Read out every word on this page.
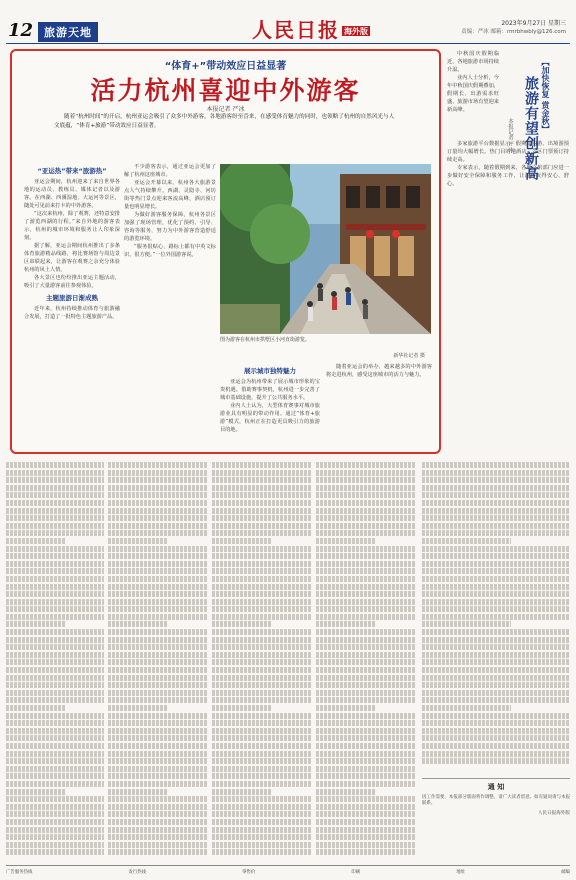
12 旅游天地	人民日报 海外版
2023年9月27日 星期三
责编：严冰 邮箱：rmrbhwbly@126.com
“体育+”带动效应日益显著
活力杭州喜迎中外游客
本报记者 严冰
随着“杭州时间”的开启，杭州亚运会吸引了众多中外游客。各地游客纷至沓来，在感受体育魅力的同时，也领略了杭州的自然风光与人文底蕴，“体育+旅游”带动效应日益显著。
“亚运热”带来“旅游热”

亚运会期间，杭州迎来了来自世界各地的运动员、教练员、媒体记者以及游客。在西湖、西溪湿地、大运河等景区，随处可见前来打卡的中外游客。

“这次来杭州，除了观赛，还特意安排了游览西湖的行程。”来自外地的游客表示，杭州的城市环境和服务让人印象深刻。

据了解，亚运会期间杭州推出了多条体育旅游精品线路，将比赛场馆与周边景区串联起来，让游客在观赛之余充分体验杭州的风土人情。

各大景区也纷纷推出亚运主题活动，吸引了大量游客前往参观体验。

主题旅游日渐成熟

近年来，杭州持续推动体育与旅游融合发展，打造了一批特色主题旅游产品。

不少游客表示，通过亚运会更加了解了杭州这座城市。

亚运会开幕以来，杭州各大旅游景点人气持续攀升。西湖、灵隐寺、河坊街等热门景点迎来客流高峰，酒店预订量也明显增长。

为做好游客服务保障，杭州各景区加强了现场管理，优化了预约、引导、咨询等服务，努力为中外游客营造舒适的游览环境。

“服务很贴心，路标上都有中英文标识，很方便。”一位外国游客说。

图为游客在杭州市拱墅区小河直街游览。
新华社记者 摄
展示城市独特魅力

亚运会为杭州带来了展示城市形象的宝贵机遇。借助赛事契机，杭州进一步完善了城市基础设施，提升了公共服务水平。

业内人士认为，大型体育赛事对城市旅游业具有明显的带动作用。通过“体育+旅游”模式，杭州正在打造更具吸引力的旅游目的地。

随着亚运会的举办，越来越多的中外游客将走进杭州，感受这座城市的活力与魅力。

中秋国庆假期临近，各地旅游市场持续升温。

业内人士分析，今年中秋国庆假期叠加，假期长、出游需求旺盛，旅游市场有望迎来新高峰。	【加快恢复 赏金秋】
旅游有望创新高
本报记者 严冰

多家旅游平台数据显示，假期国内游、出境游预订量均大幅增长。热门目的地酒店、景区门票预订持续走高。

专家表示，随着假期到来，各地文旅部门应进一步做好安全保障和服务工作，让游客玩得安心、舒心。

通 知
因工作需要，本报部分版面将作调整，请广大读者留意。如有疑问请与本报联系。
人民日报海外版
广告服务热线	发行热线	零售价	印刷	地址	邮编
